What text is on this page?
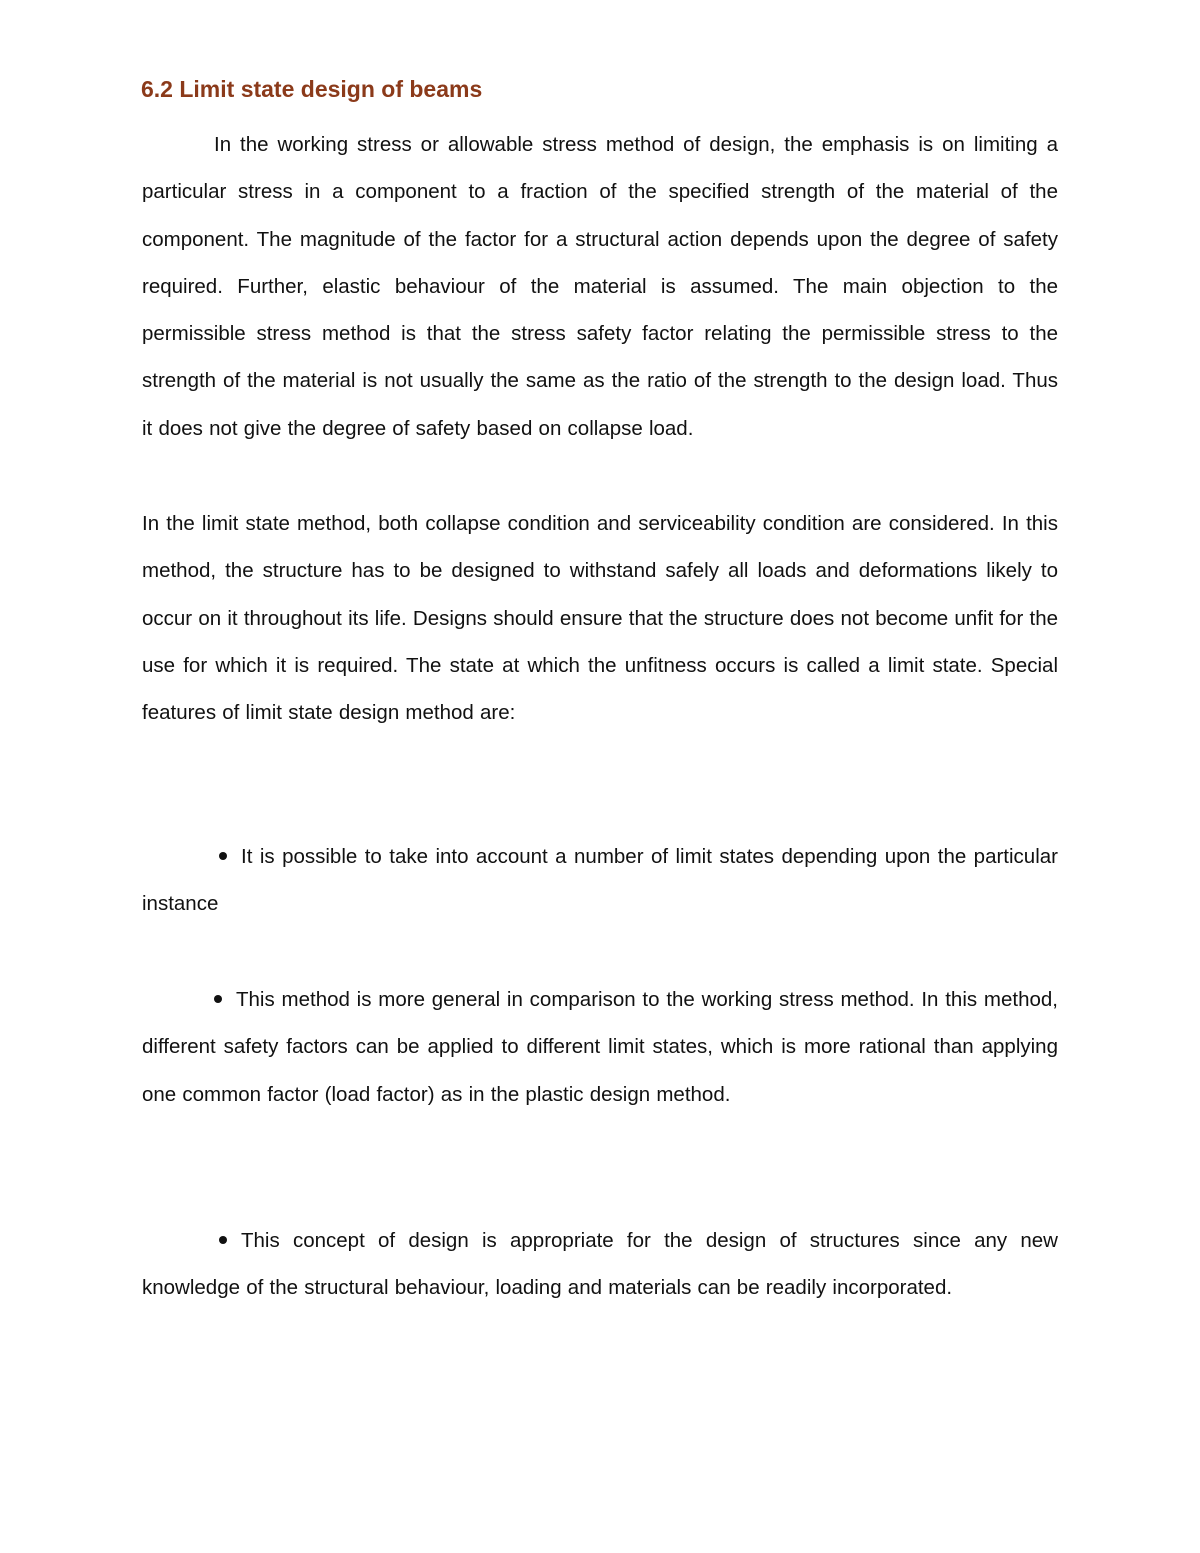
6.2 Limit state design of beams

In the working stress or allowable stress method of design, the emphasis is on limiting a particular stress in a component to a fraction of the specified strength of the material of the component. The magnitude of the factor for a structural action depends upon the degree of safety required. Further, elastic behaviour of the material is assumed. The main objection to the permissible stress method is that the stress safety factor relating the permissible stress to the strength of the material is not usually the same as the ratio of the strength to the design load. Thus it does not give the degree of safety based on collapse load.

In the limit state method, both collapse condition and serviceability condition are considered. In this method, the structure has to be designed to withstand safely all loads and deformations likely to occur on it throughout its life. Designs should ensure that the structure does not become unfit for the use for which it is required. The state at which the unfitness occurs is called a limit state. Special features of limit state design method are:

It is possible to take into account a number of limit states depending upon the particular instance

This method is more general in comparison to the working stress method. In this method, different safety factors can be applied to different limit states, which is more rational than applying one common factor (load factor) as in the plastic design method.

This concept of design is appropriate for the design of structures since any new knowledge of the structural behaviour, loading and materials can be readily incorporated.
